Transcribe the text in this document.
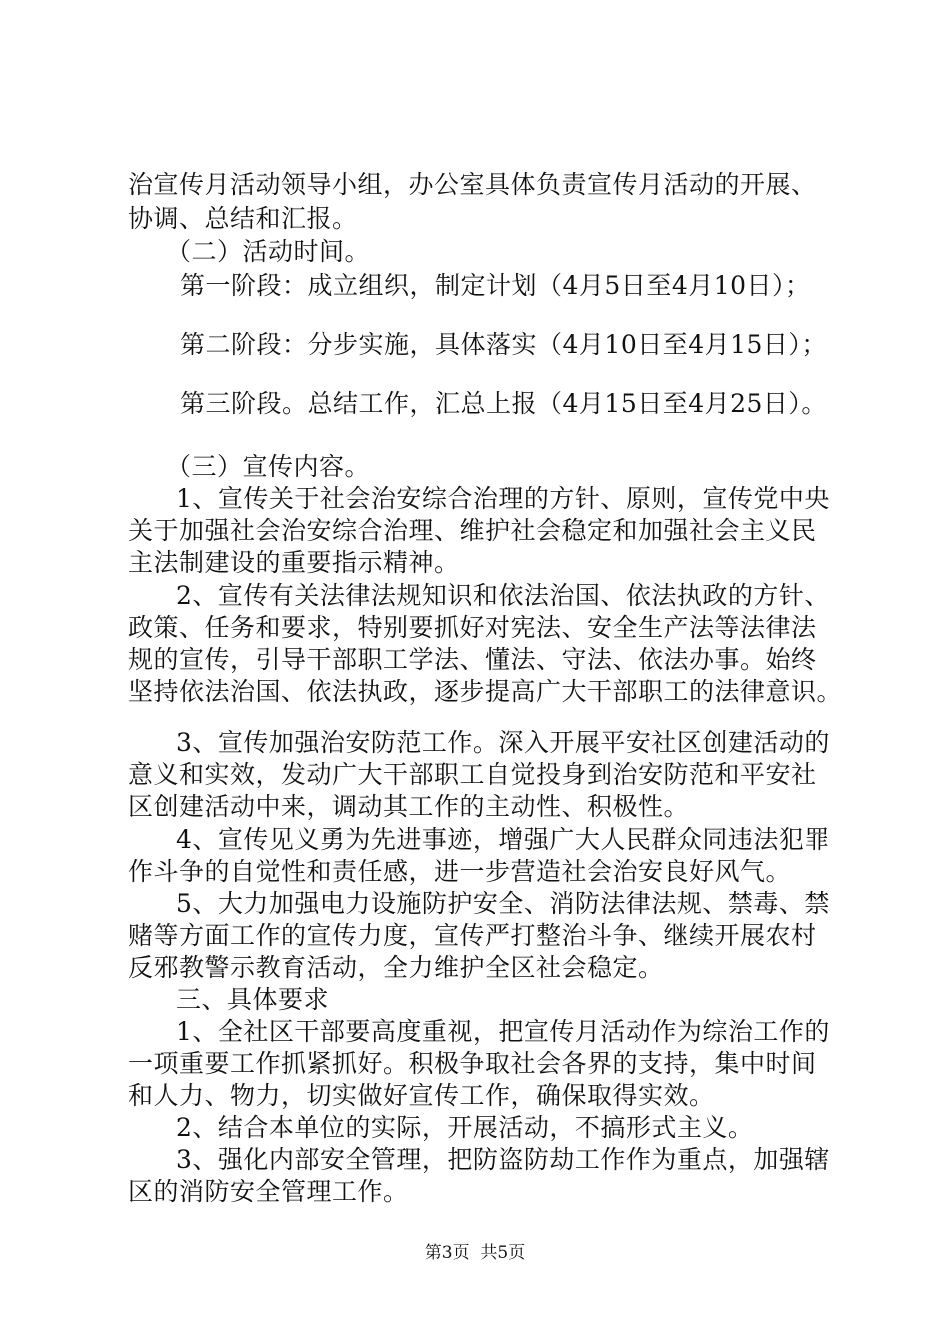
治宣传月活动领导小组，办公室具体负责宣传月活动的开展、
协调、总结和汇报。
（二）活动时间。
第一阶段：成立组织，制定计划（4月5日至4月10日）；
第二阶段：分步实施，具体落实（4月10日至4月15日）；
第三阶段。总结工作，汇总上报（4月15日至4月25日）。
（三）宣传内容。
1、宣传关于社会治安综合治理的方针、原则，宣传党中央
关于加强社会治安综合治理、维护社会稳定和加强社会主义民
主法制建设的重要指示精神。
2、宣传有关法律法规知识和依法治国、依法执政的方针、
政策、任务和要求，特别要抓好对宪法、安全生产法等法律法
规的宣传，引导干部职工学法、懂法、守法、依法办事。始终
坚持依法治国、依法执政，逐步提高广大干部职工的法律意识。
3、宣传加强治安防范工作。深入开展平安社区创建活动的
意义和实效，发动广大干部职工自觉投身到治安防范和平安社
区创建活动中来，调动其工作的主动性、积极性。
4、宣传见义勇为先进事迹，增强广大人民群众同违法犯罪
作斗争的自觉性和责任感，进一步营造社会治安良好风气。
5、大力加强电力设施防护安全、消防法律法规、禁毒、禁
赌等方面工作的宣传力度，宣传严打整治斗争、继续开展农村
反邪教警示教育活动，全力维护全区社会稳定。
三、具体要求
1、全社区干部要高度重视，把宣传月活动作为综治工作的
一项重要工作抓紧抓好。积极争取社会各界的支持，集中时间
和人力、物力，切实做好宣传工作，确保取得实效。
2、结合本单位的实际，开展活动，不搞形式主义。
3、强化内部安全管理，把防盗防劫工作作为重点，加强辖
区的消防安全管理工作。
第3页  共5页
